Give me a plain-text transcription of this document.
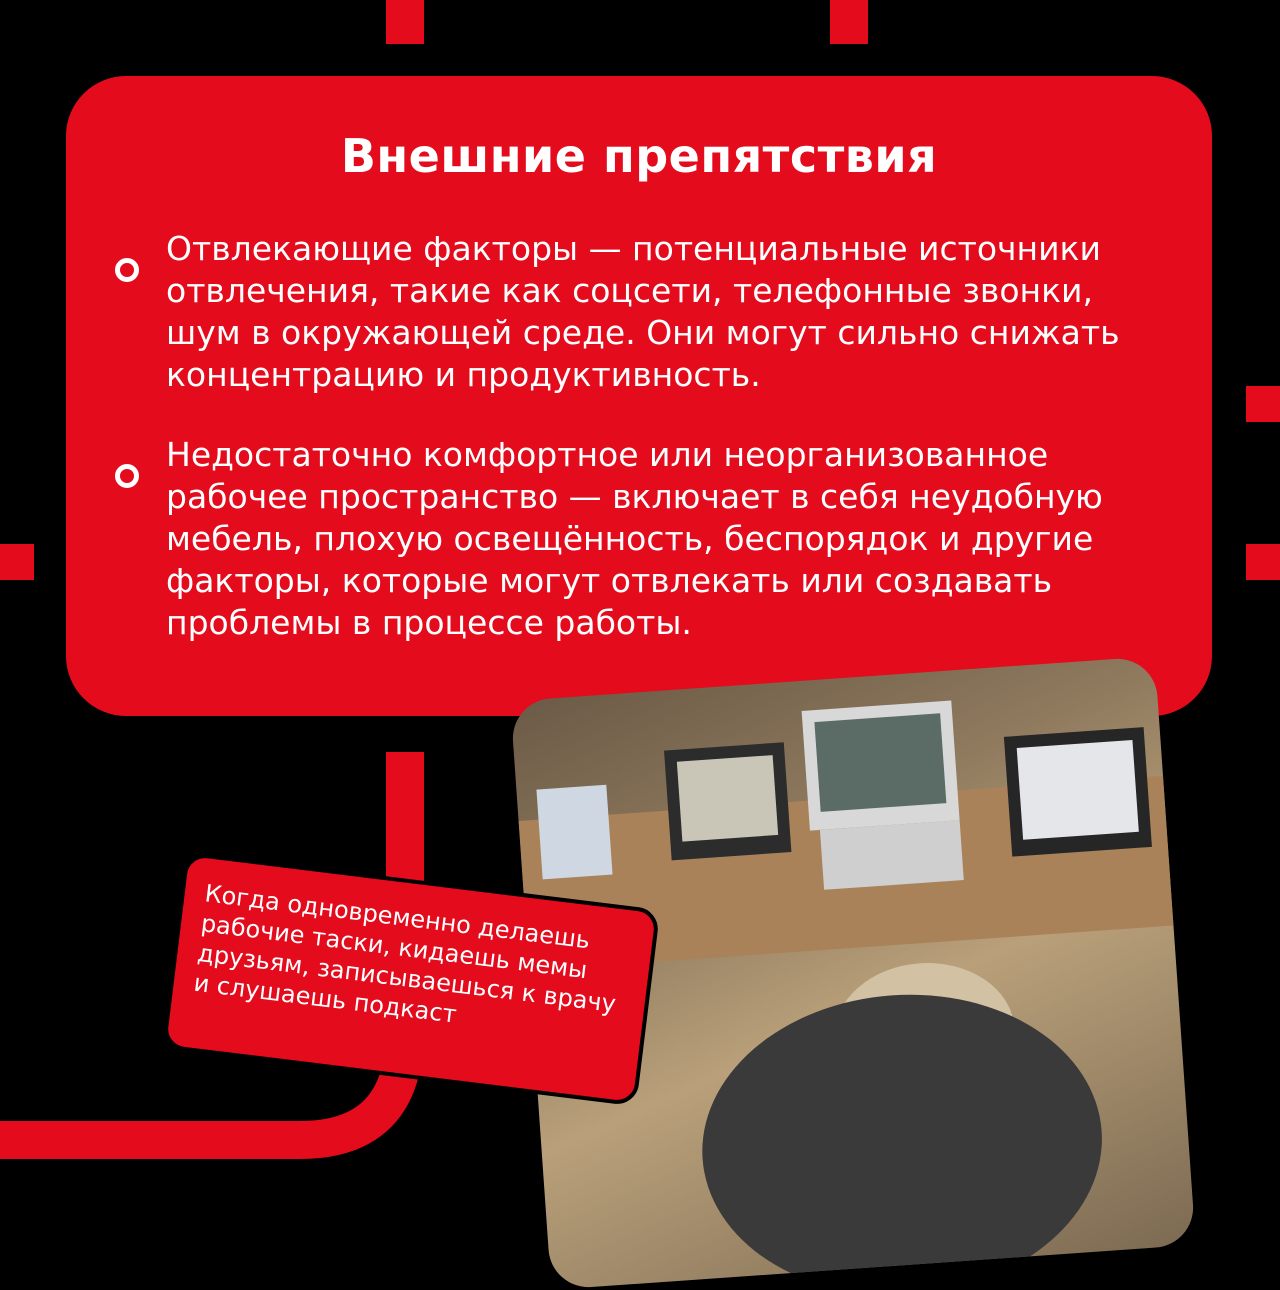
Внешние препятствия
Отвлекающие факторы — потенциальные источники отвлечения, такие как соцсети, телефонные звонки, шум в окружающей среде. Они могут сильно снижать концентрацию и продуктивность.
Недостаточно комфортное или неорганизованное рабочее пространство — включает в себя неудобную мебель, плохую освещённость, беспорядок и другие факторы, которые могут отвлекать или создавать проблемы в процессе работы.
Когда одновременно делаешь рабочие таски, кидаешь мемы друзьям, записываешься к врачу и слушаешь подкаст
